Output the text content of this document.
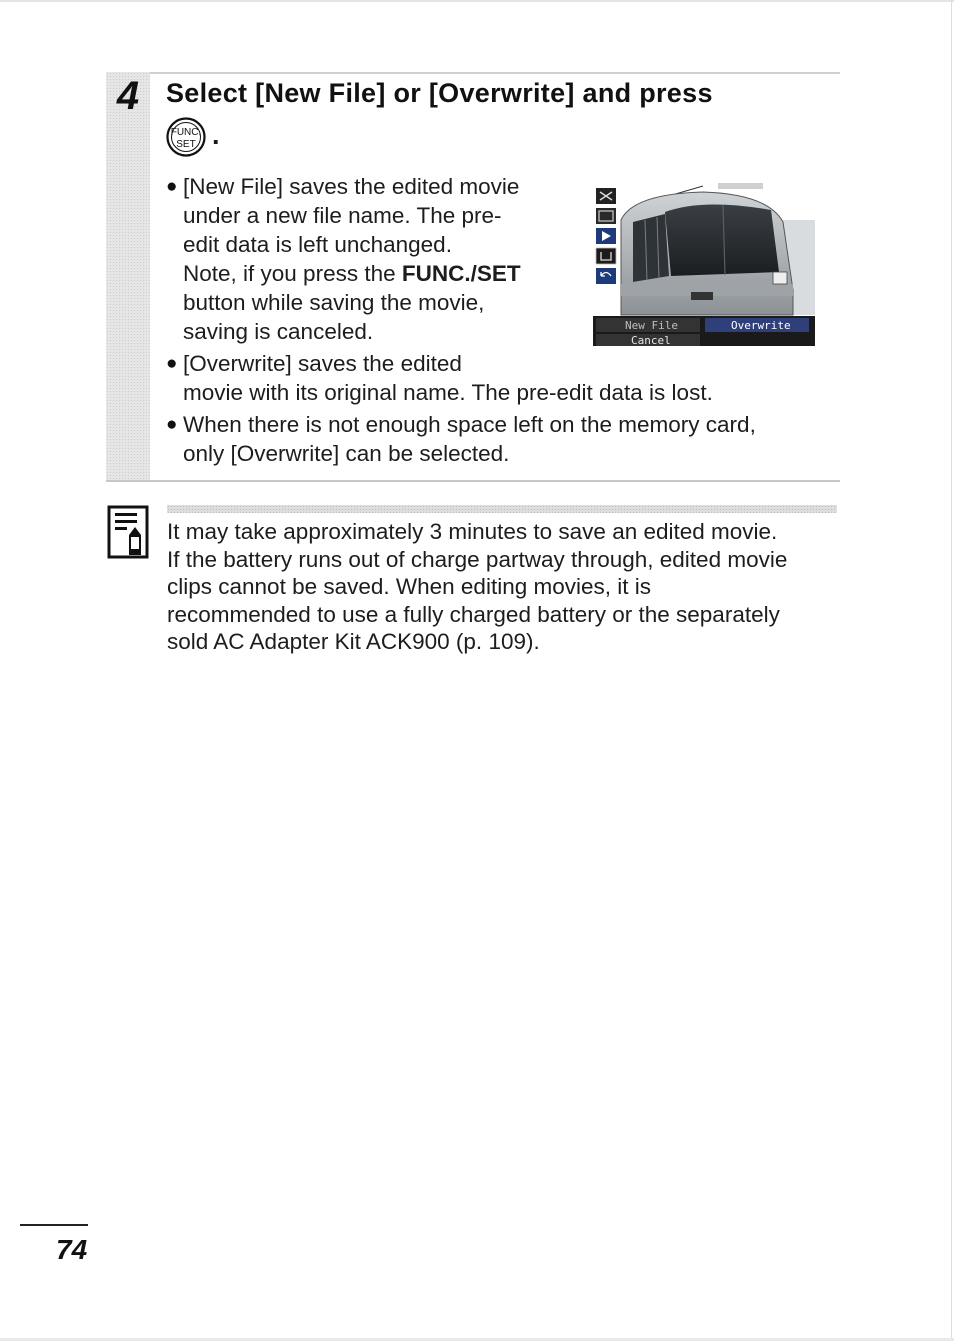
4 Select [New File] or [Overwrite] and press
FUNC.
SET .
● [New File] saves the edited movie
under a new file name. The pre-
edit data is left unchanged.
Note, if you press the FUNC./SET
button while saving the movie,
saving is canceled.
● [Overwrite] saves the edited
movie with its original name. The pre-edit data is lost.
● When there is not enough space left on the memory card,
only [Overwrite] can be selected.
New File	Overwrite
Cancel
It may take approximately 3 minutes to save an edited movie.
If the battery runs out of charge partway through, edited movie
clips cannot be saved. When editing movies, it is
recommended to use a fully charged battery or the separately
sold AC Adapter Kit ACK900 (p. 109).
74
